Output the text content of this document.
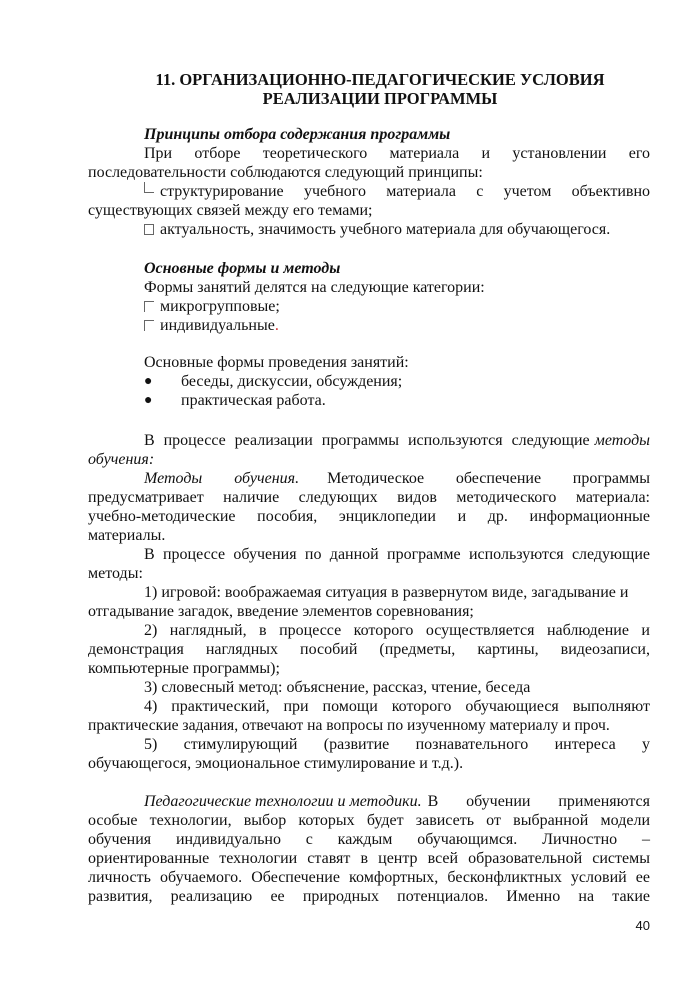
11. ОРГАНИЗАЦИОННО-ПЕДАГОГИЧЕСКИЕ УСЛОВИЯ
РЕАЛИЗАЦИИ ПРОГРАММЫ
Принципы отбора содержания программы
При отборе теоретического материала и установлении его
последовательности соблюдаются следующий принципы:
структурирование учебного материала с учетом объективно
существующих связей между его темами;
актуальность, значимость учебного материала для обучающегося.
Основные формы и методы
Формы занятий делятся на следующие категории:
микрогрупповые;
индивидуальные.
Основные формы проведения занятий:
●	беседы, дискуссии, обсуждения;
●	практическая работа.
В процессе реализации программы используются следующие методы
обучения:
Методы обучения. Методическое обеспечение программы
предусматривает наличие следующих видов методического материала:
учебно-методические пособия, энциклопедии и др. информационные
материалы.
В процессе обучения по данной программе используются следующие
методы:
1) игровой: воображаемая ситуация в развернутом виде, загадывание и
отгадывание загадок, введение элементов соревнования;
2) наглядный, в процессе которого осуществляется наблюдение и
демонстрация наглядных пособий (предметы, картины, видеозаписи,
компьютерные программы);
3) словесный метод: объяснение, рассказ, чтение, беседа
4) практический, при помощи которого обучающиеся выполняют
практические задания, отвечают на вопросы по изученному материалу и проч.
5) стимулирующий (развитие познавательного интереса у
обучающегося, эмоциональное стимулирование и т.д.).
Педагогические технологии и методики. В обучении применяются
особые технологии, выбор которых будет зависеть от выбранной модели
обучения индивидуально с каждым обучающимся. Личностно –
ориентированные технологии ставят в центр всей образовательной системы
личность обучаемого. Обеспечение комфортных, бесконфликтных условий ее
развития, реализацию ее природных потенциалов. Именно на такие
40
